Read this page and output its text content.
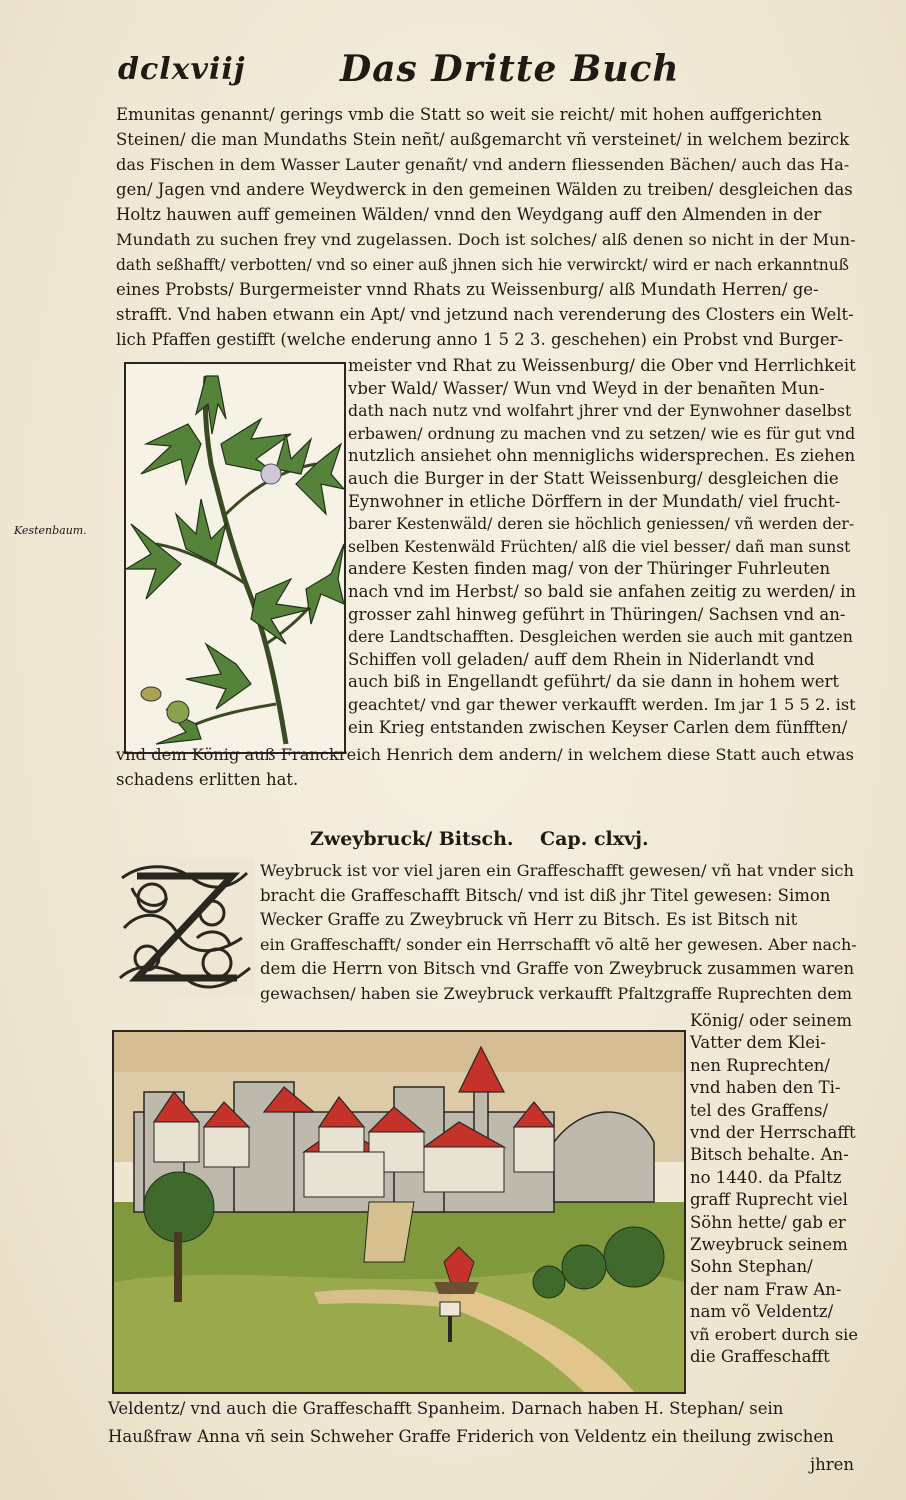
dclxviij	Das Dritte Buch
Emunitas genannt/ gerings vmb die Statt so weit sie reicht/ mit hohen auffgerichten
Steinen/ die man Mundaths Stein neñt/ außgemarcht vñ versteinet/ in welchem bezirck
das Fischen in dem Wasser Lauter genañt/ vnd andern fliessenden Bächen/ auch das Ha-
gen/ Jagen vnd andere Weydwerck in den gemeinen Wälden zu treiben/ desgleichen das
Holtz hauwen auff gemeinen Wälden/ vnnd den Weydgang auff den Almenden in der
Mundath zu suchen frey vnd zugelassen. Doch ist solches/ alß denen so nicht in der Mun-
dath seßhafft/ verbotten/ vnd so einer auß jhnen sich hie verwirckt/ wird er nach erkanntnuß
eines Probsts/ Burgermeister vnnd Rhats zu Weissenburg/ alß Mundath Herren/ ge-
strafft. Vnd haben etwann ein Apt/ vnd jetzund nach verenderung des Closters ein Welt-
lich Pfaffen gestifft (welche enderung anno 1 5 2 3. geschehen) ein Probst vnd Burger-
Kestenbaum.
meister vnd Rhat zu Weissenburg/ die Ober vnd Herrlichkeit
vber Wald/ Wasser/ Wun vnd Weyd in der benañten Mun-
dath nach nutz vnd wolfahrt jhrer vnd der Eynwohner daselbst
erbawen/ ordnung zu machen vnd zu setzen/ wie es für gut vnd
nutzlich ansiehet ohn menniglichs widersprechen. Es ziehen
auch die Burger in der Statt Weissenburg/ desgleichen die
Eynwohner in etliche Dörffern in der Mundath/ viel frucht-
barer Kestenwäld/ deren sie höchlich geniessen/ vñ werden der-
selben Kestenwäld Früchten/ alß die viel besser/ dañ man sunst
andere Kesten finden mag/ von der Thüringer Fuhrleuten
nach vnd im Herbst/ so bald sie anfahen zeitig zu werden/ in
grosser zahl hinweg geführt in Thüringen/ Sachsen vnd an-
dere Landtschafften. Desgleichen werden sie auch mit gantzen
Schiffen voll geladen/ auff dem Rhein in Niderlandt vnd
auch biß in Engellandt geführt/ da sie dann in hohem wert
geachtet/ vnd gar thewer verkaufft werden. Im jar 1 5 5 2. ist
ein Krieg entstanden zwischen Keyser Carlen dem fünfften/
vnd dem König auß Franckreich Henrich dem andern/ in welchem diese Statt auch etwas
schadens erlitten hat.
Zweybruck/ Bitsch. Cap. clxvj.
Weybruck ist vor viel jaren ein Graffeschafft gewesen/ vñ hat vnder sich
bracht die Graffeschafft Bitsch/ vnd ist diß jhr Titel gewesen: Simon
Wecker Graffe zu Zweybruck vñ Herr zu Bitsch. Es ist Bitsch nit
ein Graffeschafft/ sonder ein Herrschafft võ altẽ her gewesen. Aber nach-
dem die Herrn von Bitsch vnd Graffe von Zweybruck zusammen waren
gewachsen/ haben sie Zweybruck verkaufft Pfaltzgraffe Ruprechten dem
König/ oder seinem
Vatter dem Klei-
nen Ruprechten/
vnd haben den Ti-
tel des Graffens/
vnd der Herrschafft
Bitsch behalte. An-
no 1440. da Pfaltz
graff Ruprecht viel
Söhn hette/ gab er
Zweybruck seinem
Sohn Stephan/
der nam Fraw An-
nam võ Veldentz/
vñ erobert durch sie
die Graffeschafft
Veldentz/ vnd auch die Graffeschafft Spanheim. Darnach haben H. Stephan/ sein
Haußfraw Anna vñ sein Schweher Graffe Friderich von Veldentz ein theilung zwischen
jhren
